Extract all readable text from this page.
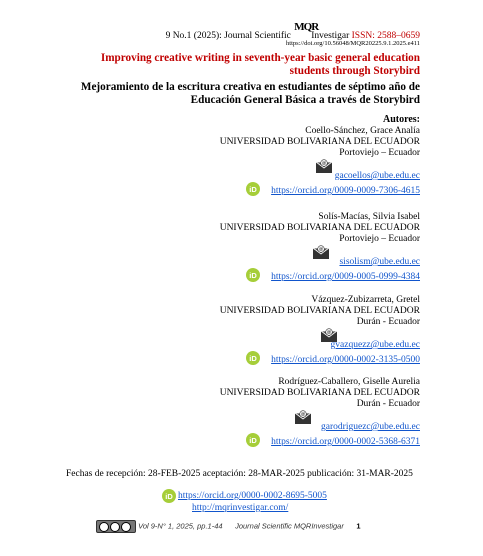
9 No.1 (2025): Journal Scientific
MQR
Investigar ISSN: 2588–0659
https://doi.org/10.56048/MQR20225.9.1.2025.e411
Improving creative writing in seventh-year basic general education students through Storybird
Mejoramiento de la escritura creativa en estudiantes de séptimo año de Educación General Básica a través de Storybird
Autores:
Coello-Sánchez, Grace Analía
UNIVERSIDAD BOLIVARIANA DEL ECUADOR
Portoviejo – Ecuador
@
gacoellos@ube.edu.ec
iD	https://orcid.org/0009-0009-7306-4615
Solís-Macías, Silvia Isabel
UNIVERSIDAD BOLIVARIANA DEL ECUADOR
Portoviejo – Ecuador
@
sisolism@ube.edu.ec
iD	https://orcid.org/0009-0005-0999-4384
Vázquez-Zubizarreta, Gretel
UNIVERSIDAD BOLIVARIANA DEL ECUADOR
Durán - Ecuador
@
gvazquezz@ube.edu.ec
iD	https://orcid.org/0000-0002-3135-0500
Rodríguez-Caballero, Giselle Aurelia
UNIVERSIDAD BOLIVARIANA DEL ECUADOR
Durán - Ecuador
@
garodriguezc@ube.edu.ec
iD	https://orcid.org/0000-0002-5368-6371
Fechas de recepción: 28-FEB-2025 aceptación: 28-MAR-2025 publicación: 31-MAR-2025
iD https://orcid.org/0000-0002-8695-5005
http://mqrinvestigar.com/
Vol 9-N° 1, 2025, pp.1-44 Journal Scientific MQRInvestigar 1
